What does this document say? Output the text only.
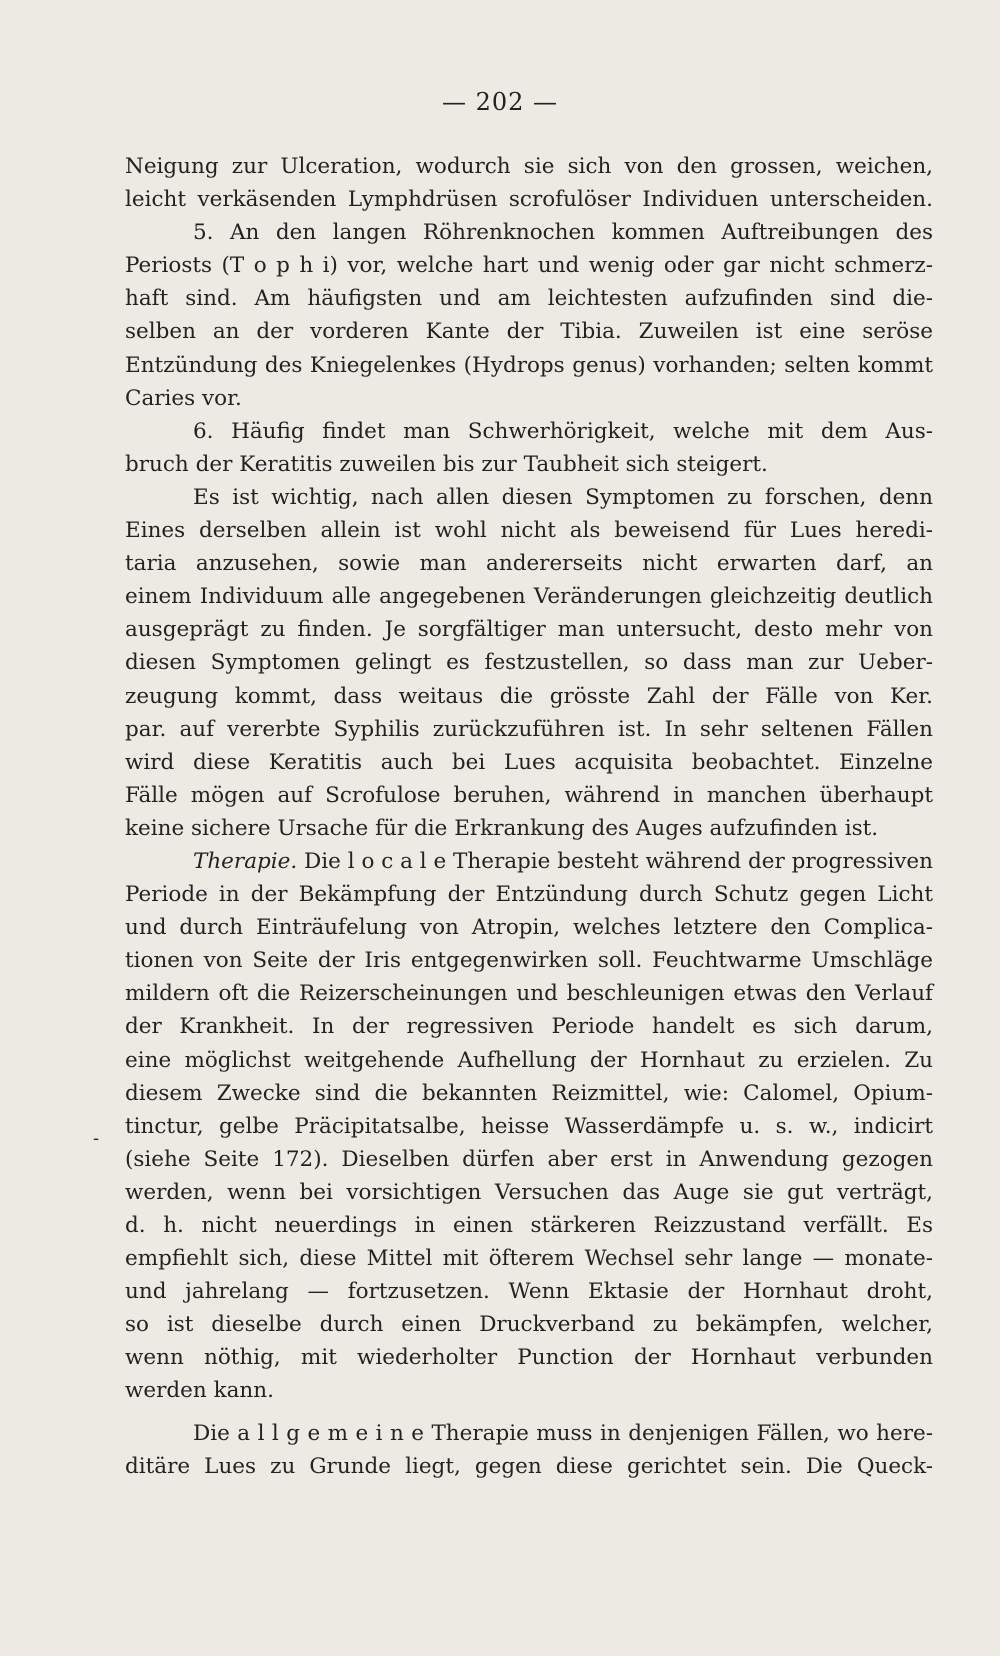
— 202 —
-
Neigung zur Ulceration, wodurch sie sich von den grossen, weichen,
leicht verkäsenden Lymphdrüsen scrofulöser Individuen unterscheiden.
5. An den langen Röhrenknochen kommen Auftreibungen des
Periosts (T o p h i) vor, welche hart und wenig oder gar nicht schmerz-
haft sind. Am häufigsten und am leichtesten aufzufinden sind die-
selben an der vorderen Kante der Tibia. Zuweilen ist eine seröse
Entzündung des Kniegelenkes (Hydrops genus) vorhanden; selten kommt
Caries vor.
6. Häufig findet man Schwerhörigkeit, welche mit dem Aus-
bruch der Keratitis zuweilen bis zur Taubheit sich steigert.
Es ist wichtig, nach allen diesen Symptomen zu forschen, denn
Eines derselben allein ist wohl nicht als beweisend für Lues heredi-
taria anzusehen, sowie man andererseits nicht erwarten darf, an
einem Individuum alle angegebenen Veränderungen gleichzeitig deutlich
ausgeprägt zu finden. Je sorgfältiger man untersucht, desto mehr von
diesen Symptomen gelingt es festzustellen, so dass man zur Ueber-
zeugung kommt, dass weitaus die grösste Zahl der Fälle von Ker.
par. auf vererbte Syphilis zurückzuführen ist. In sehr seltenen Fällen
wird diese Keratitis auch bei Lues acquisita beobachtet. Einzelne
Fälle mögen auf Scrofulose beruhen, während in manchen überhaupt
keine sichere Ursache für die Erkrankung des Auges aufzufinden ist.
Therapie. Die l o c a l e Therapie besteht während der progressiven
Periode in der Bekämpfung der Entzündung durch Schutz gegen Licht
und durch Einträufelung von Atropin, welches letztere den Complica-
tionen von Seite der Iris entgegenwirken soll. Feuchtwarme Umschläge
mildern oft die Reizerscheinungen und beschleunigen etwas den Verlauf
der Krankheit. In der regressiven Periode handelt es sich darum,
eine möglichst weitgehende Aufhellung der Hornhaut zu erzielen. Zu
diesem Zwecke sind die bekannten Reizmittel, wie: Calomel, Opium-
tinctur, gelbe Präcipitatsalbe, heisse Wasserdämpfe u. s. w., indicirt
(siehe Seite 172). Dieselben dürfen aber erst in Anwendung gezogen
werden, wenn bei vorsichtigen Versuchen das Auge sie gut verträgt,
d. h. nicht neuerdings in einen stärkeren Reizzustand verfällt. Es
empfiehlt sich, diese Mittel mit öfterem Wechsel sehr lange — monate-
und jahrelang — fortzusetzen. Wenn Ektasie der Hornhaut droht,
so ist dieselbe durch einen Druckverband zu bekämpfen, welcher,
wenn nöthig, mit wiederholter Punction der Hornhaut verbunden
werden kann.
Die a l l g e m e i n e Therapie muss in denjenigen Fällen, wo here-
ditäre Lues zu Grunde liegt, gegen diese gerichtet sein. Die Queck-
